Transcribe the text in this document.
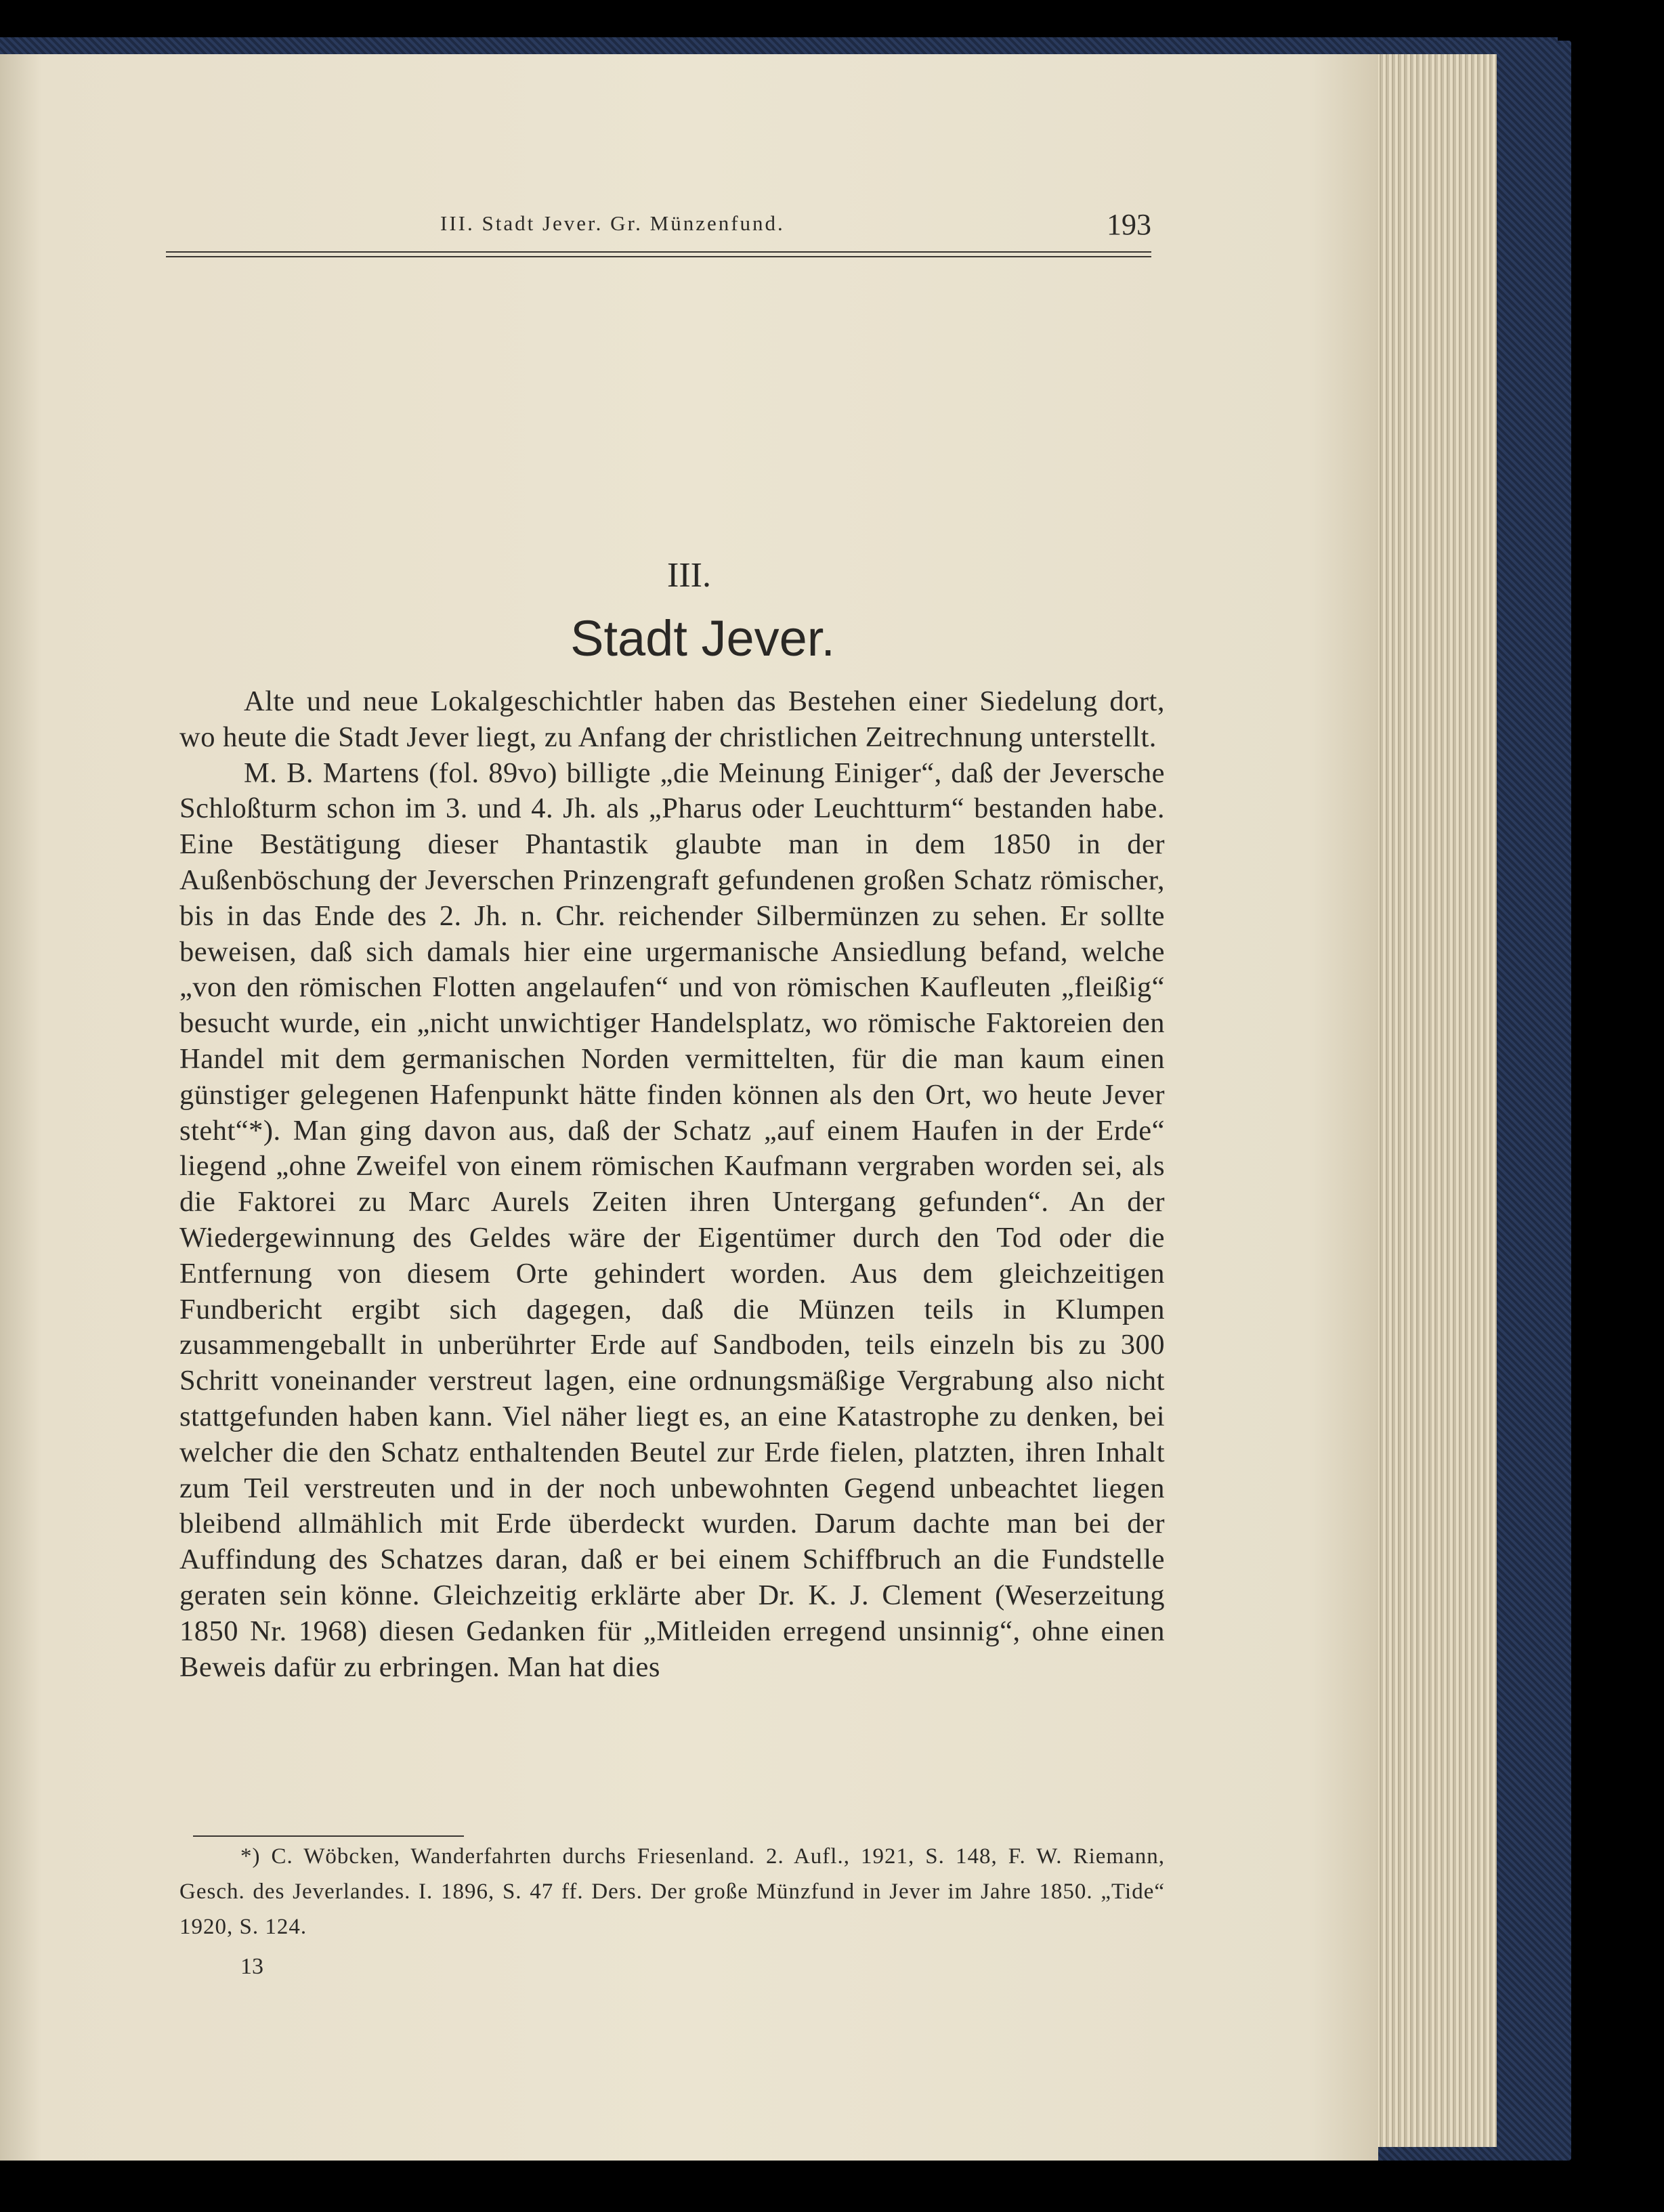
III. Stadt Jever. Gr. Münzenfund.	193
III.
Stadt Jever.

Alte und neue Lokalgeschichtler haben das Bestehen einer Siedelung dort, wo heute die Stadt Jever liegt, zu Anfang der christlichen Zeitrechnung unterstellt.

M. B. Martens (fol. 89vo) billigte „die Meinung Einiger“, daß der Jeversche Schloßturm schon im 3. und 4. Jh. als „Pharus oder Leuchtturm“ bestanden habe. Eine Bestätigung dieser Phantastik glaubte man in dem 1850 in der Außenböschung der Jeverschen Prinzengraft gefundenen großen Schatz römischer, bis in das Ende des 2. Jh. n. Chr. reichender Silbermünzen zu sehen. Er sollte beweisen, daß sich damals hier eine urgermanische Ansiedlung befand, welche „von den römischen Flotten angelaufen“ und von römischen Kaufleuten „fleißig“ besucht wurde, ein „nicht unwichtiger Handelsplatz, wo römische Faktoreien den Handel mit dem germanischen Norden vermittelten, für die man kaum einen günstiger gelegenen Hafenpunkt hätte finden können als den Ort, wo heute Jever steht“*). Man ging davon aus, daß der Schatz „auf einem Haufen in der Erde“ liegend „ohne Zweifel von einem römischen Kaufmann vergraben worden sei, als die Faktorei zu Marc Aurels Zeiten ihren Untergang gefunden“. An der Wiedergewinnung des Geldes wäre der Eigentümer durch den Tod oder die Entfernung von diesem Orte gehindert worden. Aus dem gleichzeitigen Fundbericht ergibt sich dagegen, daß die Münzen teils in Klumpen zusammengeballt in unberührter Erde auf Sandboden, teils einzeln bis zu 300 Schritt voneinander verstreut lagen, eine ordnungsmäßige Vergrabung also nicht stattgefunden haben kann. Viel näher liegt es, an eine Katastrophe zu denken, bei welcher die den Schatz enthaltenden Beutel zur Erde fielen, platzten, ihren Inhalt zum Teil verstreuten und in der noch unbewohnten Gegend unbeachtet liegen bleibend allmählich mit Erde überdeckt wurden. Darum dachte man bei der Auffindung des Schatzes daran, daß er bei einem Schiffbruch an die Fundstelle geraten sein könne. Gleichzeitig erklärte aber Dr. K. J. Clement (Weserzeitung 1850 Nr. 1968) diesen Gedanken für „Mitleiden erregend unsinnig“, ohne einen Beweis dafür zu erbringen. Man hat dies

*) C. Wöbcken, Wanderfahrten durchs Friesenland. 2. Aufl., 1921, S. 148, F. W. Riemann, Gesch. des Jeverlandes. I. 1896, S. 47 ff. Ders. Der große Münzfund in Jever im Jahre 1850. „Tide“ 1920, S. 124.

13
